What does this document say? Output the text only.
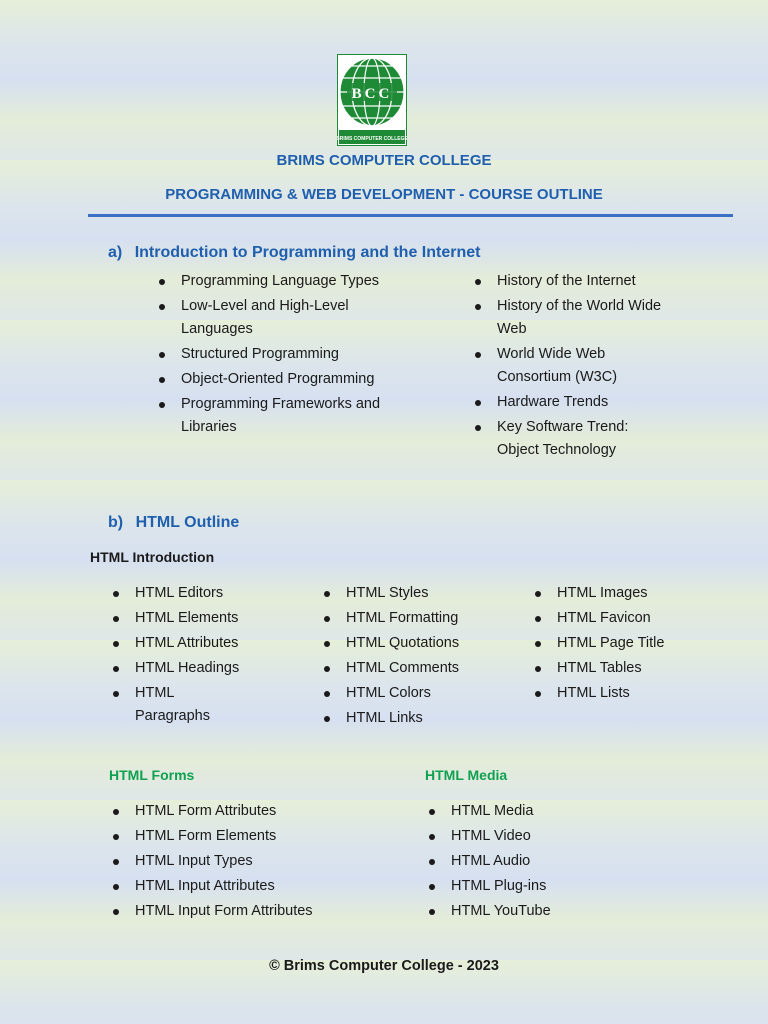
BCC
BRIMS COMPUTER COLLEGE
BRIMS COMPUTER COLLEGE
PROGRAMMING & WEB DEVELOPMENT - COURSE OUTLINE
a) Introduction to Programming and the Internet
Programming Language Types
Low-Level and High-Level Languages
Structured Programming
Object-Oriented Programming
Programming Frameworks and Libraries
History of the Internet
History of the World Wide Web
World Wide Web Consortium (W3C)
Hardware Trends
Key Software Trend: Object Technology
b) HTML Outline
HTML Introduction
HTML Editors
HTML Elements
HTML Attributes
HTML Headings
HTML Paragraphs
HTML Styles
HTML Formatting
HTML Quotations
HTML Comments
HTML Colors
HTML Links
HTML Images
HTML Favicon
HTML Page Title
HTML Tables
HTML Lists
HTML Forms	HTML Media
HTML Form Attributes
HTML Form Elements
HTML Input Types
HTML Input Attributes
HTML Input Form Attributes
HTML Media
HTML Video
HTML Audio
HTML Plug-ins
HTML YouTube
© Brims Computer College - 2023
